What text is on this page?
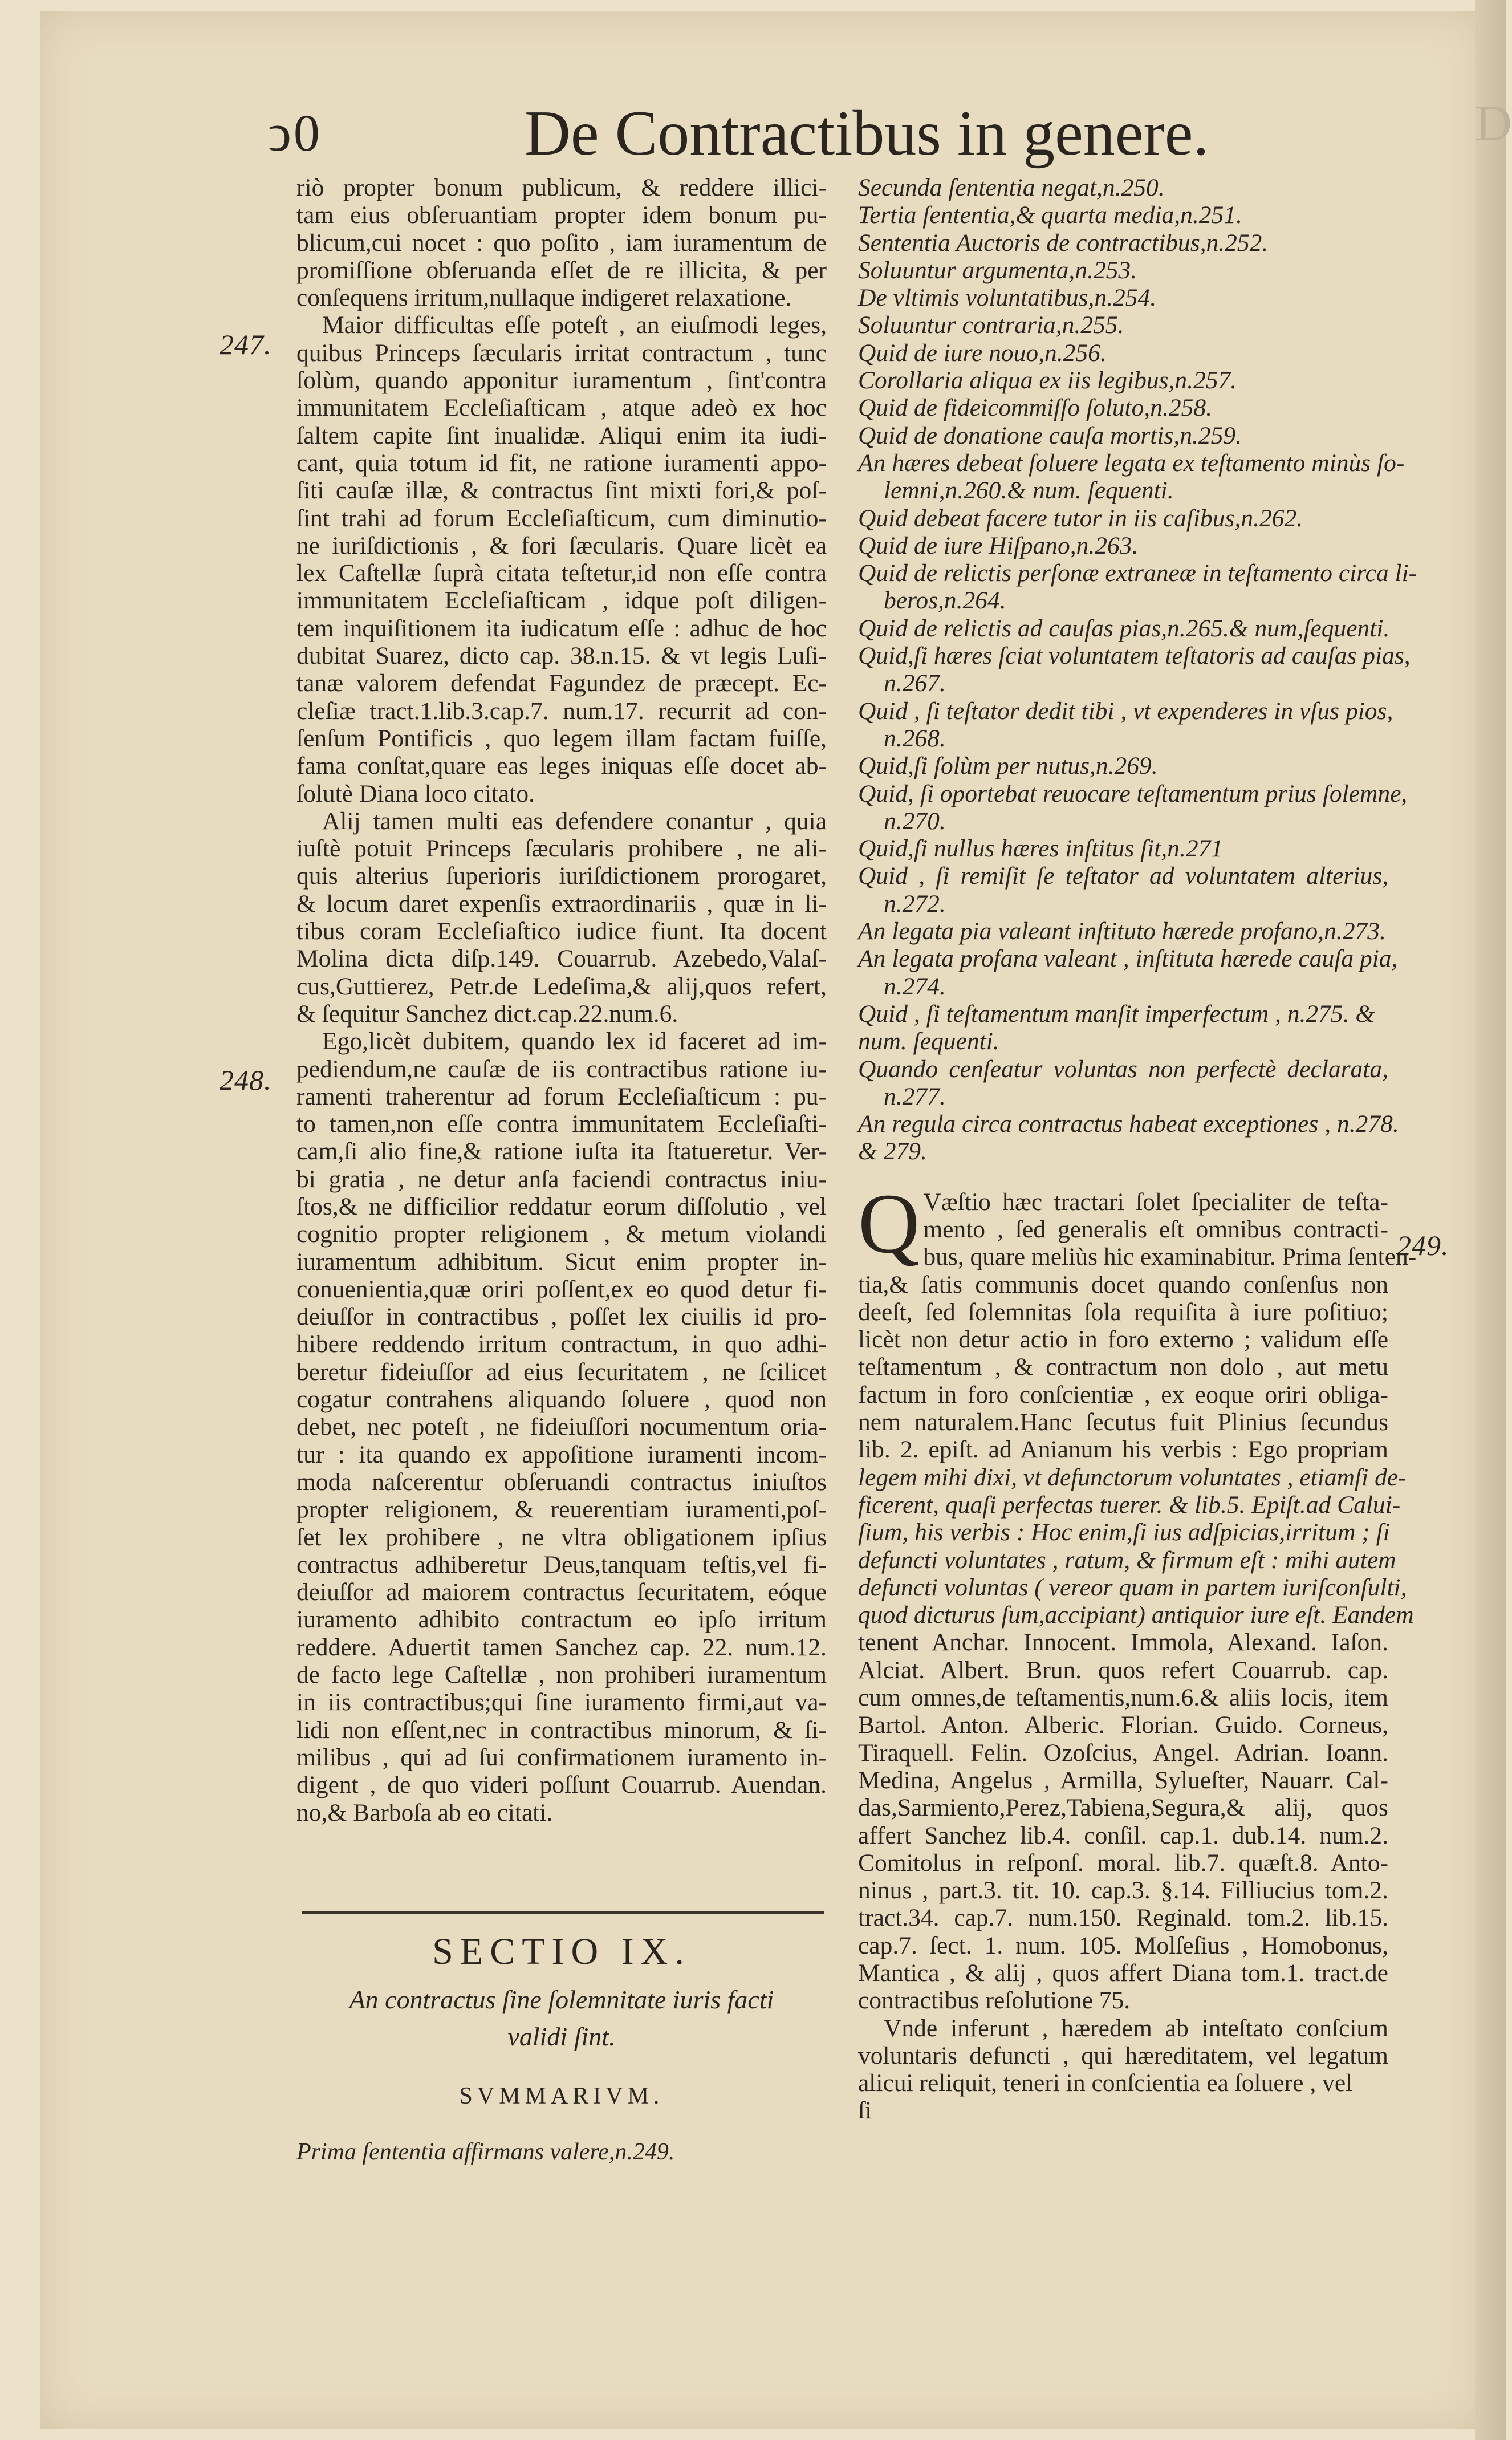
D
ↄ0	De Contractibus in genere.
247.
248.
249.
riò propter bonum publicum, & reddere illici-
tam eius obſeruantiam propter idem bonum pu-
blicum,cui nocet : quo poſito , iam iuramentum de
promiſſione obſeruanda eſſet de re illicita, & per
conſequens irritum,nullaque indigeret relaxatione.
Maior difficultas eſſe poteſt , an eiuſmodi leges,
quibus Princeps ſæcularis irritat contractum , tunc
ſolùm, quando apponitur iuramentum , ſint'contra
immunitatem Eccleſiaſticam , atque adeò ex hoc
ſaltem capite ſint inualidæ. Aliqui enim ita iudi-
cant, quia totum id fit, ne ratione iuramenti appo-
ſiti cauſæ illæ, & contractus ſint mixti fori,& poſ-
ſint trahi ad forum Eccleſiaſticum, cum diminutio-
ne iuriſdictionis , & fori ſæcularis. Quare licèt ea
lex Caſtellæ ſuprà citata teſtetur,id non eſſe contra
immunitatem Eccleſiaſticam , idque poſt diligen-
tem inquiſitionem ita iudicatum eſſe : adhuc de hoc
dubitat Suarez, dicto cap. 38.n.15. & vt legis Luſi-
tanæ valorem defendat Fagundez de præcept. Ec-
cleſiæ tract.1.lib.3.cap.7. num.17. recurrit ad con-
ſenſum Pontificis , quo legem illam factam fuiſſe,
fama conſtat,quare eas leges iniquas eſſe docet ab-
ſolutè Diana loco citato.
Alij tamen multi eas defendere conantur , quia
iuſtè potuit Princeps ſæcularis prohibere , ne ali-
quis alterius ſuperioris iuriſdictionem prorogaret,
& locum daret expenſis extraordinariis , quæ in li-
tibus coram Eccleſiaſtico iudice fiunt. Ita docent
Molina dicta diſp.149. Couarrub. Azebedo,Valaſ-
cus,Guttierez, Petr.de Ledeſima,& alij,quos refert,
& ſequitur Sanchez dict.cap.22.num.6.
Ego,licèt dubitem, quando lex id faceret ad im-
pediendum,ne cauſæ de iis contractibus ratione iu-
ramenti traherentur ad forum Eccleſiaſticum : pu-
to tamen,non eſſe contra immunitatem Eccleſiaſti-
cam,ſi alio fine,& ratione iuſta ita ſtatueretur. Ver-
bi gratia , ne detur anſa faciendi contractus iniu-
ſtos,& ne difficilior reddatur eorum diſſolutio , vel
cognitio propter religionem , & metum violandi
iuramentum adhibitum. Sicut enim propter in-
conuenientia,quæ oriri poſſent,ex eo quod detur fi-
deiuſſor in contractibus , poſſet lex ciuilis id pro-
hibere reddendo irritum contractum, in quo adhi-
beretur fideiuſſor ad eius ſecuritatem , ne ſcilicet
cogatur contrahens aliquando ſoluere , quod non
debet, nec poteſt , ne fideiuſſori nocumentum oria-
tur : ita quando ex appoſitione iuramenti incom-
moda naſcerentur obſeruandi contractus iniuſtos
propter religionem, & reuerentiam iuramenti,poſ-
ſet lex prohibere , ne vltra obligationem ipſius
contractus adhiberetur Deus,tanquam teſtis,vel fi-
deiuſſor ad maiorem contractus ſecuritatem, eóque
iuramento adhibito contractum eo ipſo irritum
reddere. Aduertit tamen Sanchez cap. 22. num.12.
de facto lege Caſtellæ , non prohiberi iuramentum
in iis contractibus;qui ſine iuramento firmi,aut va-
lidi non eſſent,nec in contractibus minorum, & ſi-
milibus , qui ad ſui confirmationem iuramento in-
digent , de quo videri poſſunt Couarrub. Auendan.
no,& Barboſa ab eo citati.
SECTIO IX.
An contractus ſine ſolemnitate iuris facti
validi ſint.
SVMMARIVM.
Prima ſententia affirmans valere,n.249.
Secunda ſententia negat,n.250.
Tertia ſententia,& quarta media,n.251.
Sententia Auctoris de contractibus,n.252.
Soluuntur argumenta,n.253.
De vltimis voluntatibus,n.254.
Soluuntur contraria,n.255.
Quid de iure nouo,n.256.
Corollaria aliqua ex iis legibus,n.257.
Quid de fideicommiſſo ſoluto,n.258.
Quid de donatione cauſa mortis,n.259.
An hæres debeat ſoluere legata ex teſtamento minùs ſo-
lemni,n.260.& num. ſequenti.
Quid debeat facere tutor in iis caſibus,n.262.
Quid de iure Hiſpano,n.263.
Quid de relictis perſonæ extraneæ in teſtamento circa li-
beros,n.264.
Quid de relictis ad cauſas pias,n.265.& num,ſequenti.
Quid,ſi hæres ſciat voluntatem teſtatoris ad cauſas pias,
n.267.
Quid , ſi teſtator dedit tibi , vt expenderes in vſus pios,
n.268.
Quid,ſi ſolùm per nutus,n.269.
Quid, ſi oportebat reuocare teſtamentum prius ſolemne,
n.270.
Quid,ſi nullus hæres inſtitus ſit,n.271
Quid , ſi remiſit ſe teſtator ad voluntatem alterius,
n.272.
An legata pia valeant inſtituto hærede profano,n.273.
An legata profana valeant , inſtituta hærede cauſa pia,
n.274.
Quid , ſi teſtamentum manſit imperfectum , n.275. &
num. ſequenti.
Quando cenſeatur voluntas non perfectè declarata,
n.277.
An regula circa contractus habeat exceptiones , n.278.
& 279.
Q Væſtio hæc tractari ſolet ſpecialiter de teſta-
mento , ſed generalis eſt omnibus contracti-
bus, quare meliùs hic examinabitur. Prima ſenten-
tia,& ſatis communis docet quando conſenſus non
deeſt, ſed ſolemnitas ſola requiſita à iure poſitiuo;
licèt non detur actio in foro externo ; validum eſſe
teſtamentum , & contractum non dolo , aut metu
factum in foro conſcientiæ , ex eoque oriri obliga-
nem naturalem.Hanc ſecutus fuit Plinius ſecundus
lib. 2. epiſt. ad Anianum his verbis : Ego propriam
legem mihi dixi, vt defunctorum voluntates , etiamſi de-
ficerent, quaſi perfectas tuerer. & lib.5. Epiſt.ad Calui-
ſium, his verbis : Hoc enim,ſi ius adſpicias,irritum ; ſi
defuncti voluntates , ratum, & firmum eſt : mihi autem
defuncti voluntas ( vereor quam in partem iuriſconſulti,
quod dicturus ſum,accipiant) antiquior iure eſt. Eandem
tenent Anchar. Innocent. Immola, Alexand. Iaſon.
Alciat. Albert. Brun. quos refert Couarrub. cap.
cum omnes,de teſtamentis,num.6.& aliis locis, item
Bartol. Anton. Alberic. Florian. Guido. Corneus,
Tiraquell. Felin. Ozoſcius, Angel. Adrian. Ioann.
Medina, Angelus , Armilla, Sylueſter, Nauarr. Cal-
das,Sarmiento,Perez,Tabiena,Segura,& alij, quos
affert Sanchez lib.4. conſil. cap.1. dub.14. num.2.
Comitolus in reſponſ. moral. lib.7. quæſt.8. Anto-
ninus , part.3. tit. 10. cap.3. §.14. Filliucius tom.2.
tract.34. cap.7. num.150. Reginald. tom.2. lib.15.
cap.7. ſect. 1. num. 105. Molſeſius , Homobonus,
Mantica , & alij , quos affert Diana tom.1. tract.de
contractibus reſolutione 75.
Vnde inferunt , hæredem ab inteſtato conſcium
voluntaris defuncti , qui hæreditatem, vel legatum
alicui reliquit, teneri in conſcientia ea ſoluere , vel
ſi
